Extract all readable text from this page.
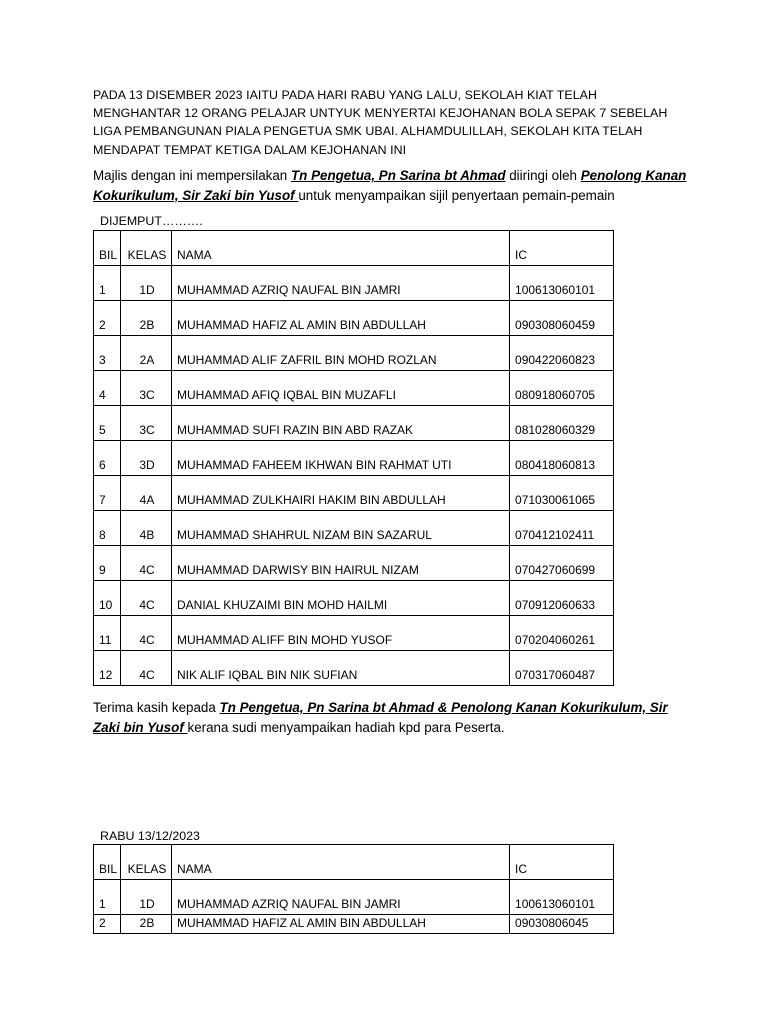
PADA 13 DISEMBER 2023 IAITU PADA HARI RABU YANG LALU, SEKOLAH KIAT TELAH MENGHANTAR 12 ORANG PELAJAR UNTYUK MENYERTAI KEJOHANAN BOLA SEPAK 7 SEBELAH LIGA PEMBANGUNAN PIALA PENGETUA SMK UBAI. ALHAMDULILLAH, SEKOLAH KITA TELAH MENDAPAT TEMPAT KETIGA DALAM KEJOHANAN INI
Majlis dengan ini mempersilakan Tn Pengetua, Pn Sarina bt Ahmad diiringi oleh Penolong Kanan Kokurikulum, Sir Zaki bin Yusof untuk menyampaikan sijil penyertaan pemain-pemain
DIJEMPUT……….
BIL	KELAS	NAMA	IC
1	1D	MUHAMMAD AZRIQ NAUFAL BIN JAMRI	100613060101
2	2B	MUHAMMAD HAFIZ AL AMIN BIN ABDULLAH	090308060459
3	2A	MUHAMMAD ALIF ZAFRIL BIN MOHD ROZLAN	090422060823
4	3C	MUHAMMAD AFIQ IQBAL BIN MUZAFLI	080918060705
5	3C	MUHAMMAD SUFI RAZIN BIN ABD RAZAK	081028060329
6	3D	MUHAMMAD FAHEEM IKHWAN BIN RAHMAT UTI	080418060813
7	4A	MUHAMMAD ZULKHAIRI HAKIM BIN ABDULLAH	071030061065
8	4B	MUHAMMAD SHAHRUL NIZAM BIN SAZARUL	070412102411
9	4C	MUHAMMAD DARWISY BIN HAIRUL NIZAM	070427060699
10	4C	DANIAL KHUZAIMI BIN MOHD HAILMI	070912060633
11	4C	MUHAMMAD ALIFF BIN MOHD YUSOF	070204060261
12	4C	NIK ALIF IQBAL BIN NIK SUFIAN	070317060487
Terima kasih kepada Tn Pengetua, Pn Sarina bt Ahmad & Penolong Kanan Kokurikulum, Sir Zaki bin Yusof kerana sudi menyampaikan hadiah kpd para Peserta.
RABU 13/12/2023
BIL	KELAS	NAMA	IC
1	1D	MUHAMMAD AZRIQ NAUFAL BIN JAMRI	100613060101
2	2B	MUHAMMAD HAFIZ AL AMIN BIN ABDULLAH	09030806045
